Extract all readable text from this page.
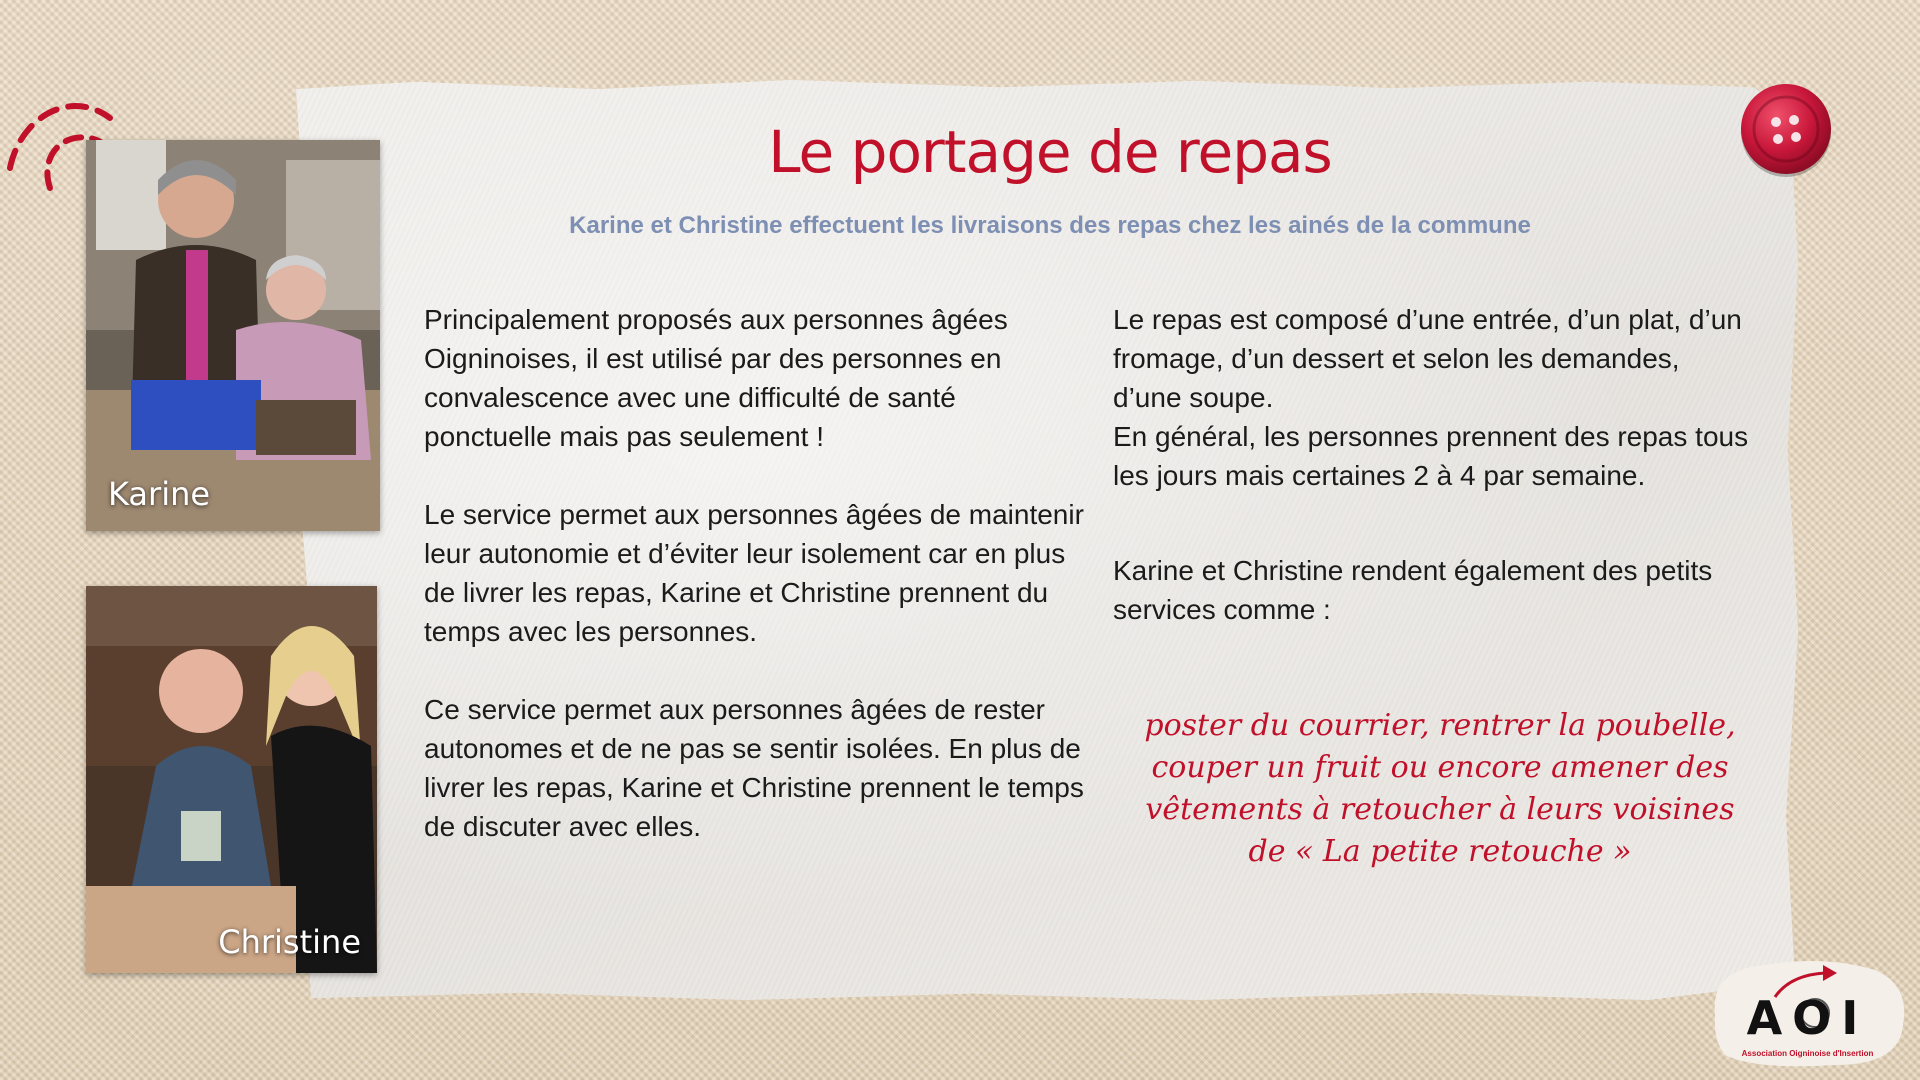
Karine
Christine
Le portage de repas

Karine et Christine effectuent les livraisons des repas chez les ainés de la commune

Principalement proposés aux personnes âgées Oigninoises, il est utilisé par des personnes en convalescence avec une difficulté de santé ponctuelle mais pas seulement !

Le service permet aux personnes âgées de maintenir leur autonomie et d’éviter leur isolement car en plus de livrer les repas, Karine et Christine prennent du temps avec les personnes.

Ce service permet aux personnes âgées de rester autonomes et de ne pas se sentir isolées. En plus de livrer les repas, Karine et Christine prennent le temps de discuter avec elles.

Le repas est composé d’une entrée, d’un plat, d’un fromage, d’un dessert et selon les demandes, d’une soupe.

En général, les personnes prennent des repas tous les jours mais certaines 2 à 4 par semaine.

Karine et Christine rendent également des petits services comme :

poster du courrier, rentrer la poubelle, couper un fruit ou encore amener des vêtements à retoucher à leurs voisines de « La petite retouche »

AOI
Association Oigninoise d'Insertion
